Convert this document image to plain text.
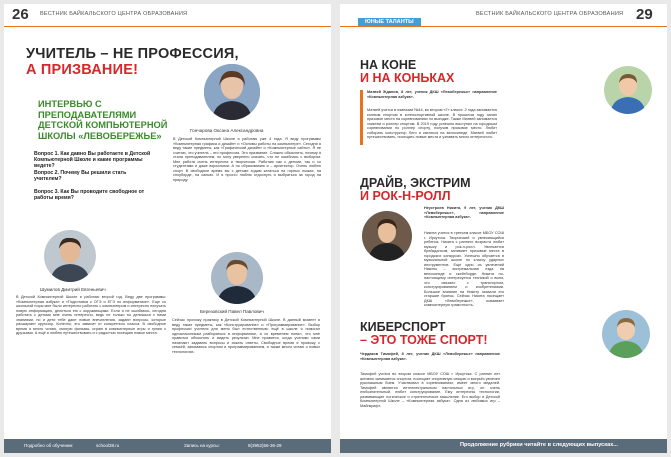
26 ВЕСТНИК БАЙКАЛЬСКОГО ЦЕНТРА ОБРАЗОВАНИЯ
УЧИТЕЛЬ – НЕ ПРОФЕССИЯ,
А ПРИЗВАНИЕ!
ИНТЕРВЬЮ С ПРЕПОДАВАТЕЛЯМИ ДЕТСКОЙ КОМПЬЮТЕРНОЙ ШКОЛЫ «ЛЕВОБЕРЕЖЬЕ»
Вопрос 1. Как давно Вы работаете в Детской Компьютерной Школе и какие программы ведете?
Вопрос 2. Почему Вы решили стать учителем?
Вопрос 3. Как Вы проводите свободное от работы время?
Гончарова Оксана Александровна
В Детской Компьютерной Школе я работаю уже 4 года. Я веду программы «Компьютерная графика и дизайн» и «Основы работы на компьютере». Сегодня я веду такие предметы, как «Графический дизайн» и «Компьютерные сайты». Я не считаю, что учитель – это профессия. Это призвание. Сложно объяснить, почему я стала преподавателем, но могу уверенно сказать, что не ошиблась с выбором. Мне работа очень интересна и творческая. Работаю как с детьми, так и со студентами и даже взрослыми. А по образованию я – архитектор. Очень люблю спорт. В свободное время вы с детьми ходим кататься на горных лыжах, на сноуборде, на санках. И я просто люблю отдохнуть и выбраться за город на природу.
Шумилов Дмитрий Евгеньевич
В Детской Компьютерной Школе я работаю второй год. Веду две программы: «Компьютерная азбука» и «Подготовка к ОГЭ и ЕГЭ по информатике». Еще со школьной поры мне было интересно работать с компьютером и интересно получать новую информацию, делиться ею с окружающими. Если я не ошибаюсь, сегодня работать с детьми мне очень интересно, ведь не только ты делишься с ними знаниями, но и дети тебе дают новые впечатления, задают вопросы, которые расширяют кругозор. Конечно, это зависит от конкретного класса. В свободное время я много читаю, смотрю фильмы, играю в компьютерные игры и гуляю с друзьями. А ещё я люблю путешествовать и с радостью посещаю новые места.
Березовский Павел Павлович
Сейчас прохожу практику в Детской Компьютерной Школе. В данный момент я веду такие предметы, как «Конструирование» и «Программирование». Выбор профессии учителя для меня был естественным: ещё в школе я помогал одноклассникам разбираться в информатике, а со временем понял, что мне нравится объяснять и видеть результат. Мне нравится, когда ученики сами начинают задавать вопросы и искать ответы. Свободное время я провожу с семьёй, занимаюсь спортом и программированием, а также много читаю о новых технологиях.
Подробно об обучении:	school38.ru	Запись на курсы:	8(3952)56-36-29
ВЕСТНИК БАЙКАЛЬСКОГО ЦЕНТРА ОБРАЗОВАНИЯ 29
ЮНЫЕ ТАЛАНТЫ
НА КОНЕ
И НА КОНЬКАХ
Матвей Жданов, 8 лет, ученик ДКШ «Левобережье» направление «Компьютерная азбука».
Матвей учится в гимназии №44, во втором «Г» классе. 2 года занимается конным спортом в конноспортивной школе. В прошлом году занял призовое место на соревнованиях по выездке. Также Матвей занимается хоккеем и роллер спортом. В 2019 году успешно выступил на городском соревновании по роллер спорту, получив призовое место. Любит собирать конструктор Лего и кататься на велосипеде. Матвей любит путешествовать, посещать новые места и узнавать много интересного.
ДРАЙВ, ЭКСТРИМ
И РОК-Н-РОЛЛ
Неустроев Никита, 9 лет, ученик ДКШ «Левобережье», направление «Компьютерная азбука».
Никита учится в третьем классе МБОУ СОШ г. Иркутска. Творческий и увлекающийся ребенок, Никита с раннего возраста любит музыку и рок-н-ролл. Увлекается брейкдансом, занимает призовые места в городских конкурсах. Успешно обучается в музыкальной школе по классу ударных инструментов. Еще одно из увлечений Никиты – экстремальная езда на велосипеде и скейтборде. Никита по-настоящему интересуется техникой и всем, что связано с транспортом, конструированием и изобретениями. Большое влияние на Никиту оказали его старшие братья. Сейчас Никита посещает ДКШ «Левобережье», осваивает компьютерную грамотность.
КИБЕРСПОРТ
– ЭТО ТОЖЕ СПОРТ!
Чердаков Тимофей, 8 лет, ученик ДКШ «Левобережье» направление «Компьютерная азбука».
Тимофей учится во втором классе МБОУ СОШ г. Иркутска. С ранних лет активно занимается спортом, посещает спортивную секцию и всерьёз увлечен рукопашным боем. Участвовал в соревнованиях, имеет много медалей. Тимофей является интеллектуальным настольных игр, он очень любознательный, любит конструирование. Ему интересны технологии, развивающие логическое и стратегическое мышление. Его выбор в Детской Компьютерной Школе – «Компьютерная азбука». Одна из любимых игр – Майнкрафт.
Продолжение рубрики читайте в следующих выпусках...
